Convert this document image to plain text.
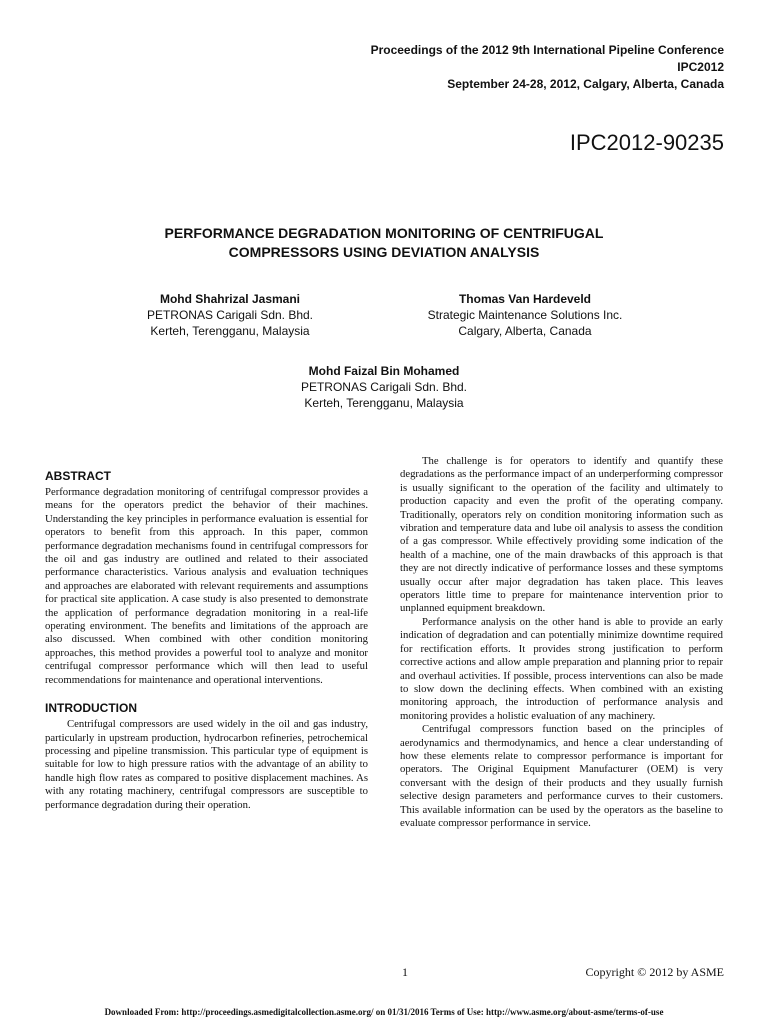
Proceedings of the 2012 9th International Pipeline Conference
IPC2012
September 24-28, 2012, Calgary, Alberta, Canada
IPC2012-90235
PERFORMANCE DEGRADATION MONITORING OF CENTRIFUGAL
COMPRESSORS USING DEVIATION ANALYSIS
Mohd Shahrizal Jasmani
PETRONAS Carigali Sdn. Bhd.
Kerteh, Terengganu, Malaysia
Thomas Van Hardeveld
Strategic Maintenance Solutions Inc.
Calgary, Alberta, Canada
Mohd Faizal Bin Mohamed
PETRONAS Carigali Sdn. Bhd.
Kerteh, Terengganu, Malaysia
ABSTRACT

Performance degradation monitoring of centrifugal compressor provides a means for the operators predict the behavior of their machines. Understanding the key principles in performance evaluation is essential for operators to benefit from this approach. In this paper, common performance degradation mechanisms found in centrifugal compressors for the oil and gas industry are outlined and related to their associated performance characteristics. Various analysis and evaluation techniques and approaches are elaborated with relevant requirements and assumptions for practical site application. A case study is also presented to demonstrate the application of performance degradation monitoring in a real-life operating environment. The benefits and limitations of the approach are also discussed. When combined with other condition monitoring approaches, this method provides a powerful tool to analyze and monitor centrifugal compressor performance which will then lead to useful recommendations for maintenance and operational interventions.

INTRODUCTION

Centrifugal compressors are used widely in the oil and gas industry, particularly in upstream production, hydrocarbon refineries, petrochemical processing and pipeline transmission. This particular type of equipment is suitable for low to high pressure ratios with the advantage of an ability to handle high flow rates as compared to positive displacement machines. As with any rotating machinery, centrifugal compressors are susceptible to performance degradation during their operation.

The challenge is for operators to identify and quantify these degradations as the performance impact of an underperforming compressor is usually significant to the operation of the facility and ultimately to production capacity and even the profit of the operating company. Traditionally, operators rely on condition monitoring information such as vibration and temperature data and lube oil analysis to assess the condition of a gas compressor. While effectively providing some indication of the health of a machine, one of the main drawbacks of this approach is that they are not directly indicative of performance losses and these symptoms usually occur after major degradation has taken place. This leaves operators little time to prepare for maintenance intervention prior to unplanned equipment breakdown.

Performance analysis on the other hand is able to provide an early indication of degradation and can potentially minimize downtime required for rectification efforts. It provides strong justification to perform corrective actions and allow ample preparation and planning prior to repair and overhaul activities. If possible, process interventions can also be made to slow down the declining effects. When combined with an existing monitoring approach, the introduction of performance analysis and monitoring provides a holistic evaluation of any machinery.

Centrifugal compressors function based on the principles of aerodynamics and thermodynamics, and hence a clear understanding of how these elements relate to compressor performance is important for operators. The Original Equipment Manufacturer (OEM) is very conversant with the design of their products and they usually furnish selective design parameters and performance curves to their customers. This available information can be used by the operators as the baseline to evaluate compressor performance in service.

1	Copyright © 2012 by ASME
Downloaded From: http://proceedings.asmedigitalcollection.asme.org/ on 01/31/2016 Terms of Use: http://www.asme.org/about-asme/terms-of-use
